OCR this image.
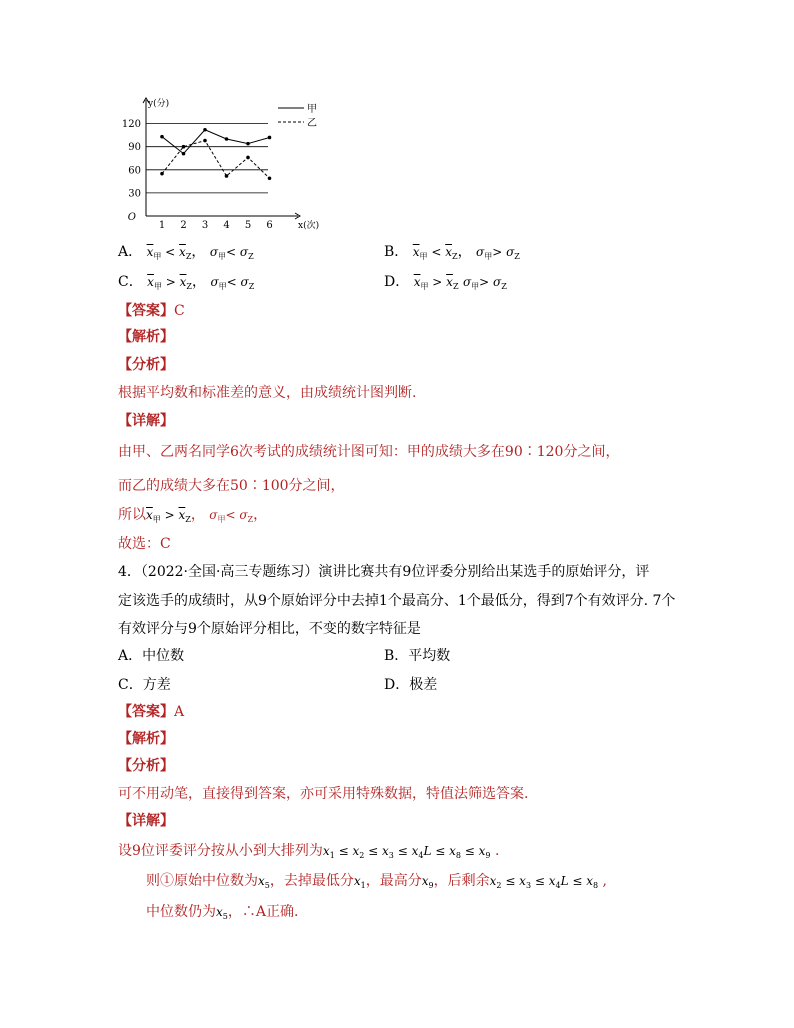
30
60
90
120
1 2 3 4 5 6
O
y(分)
x(次)
甲
乙
A． $\overline{x}_甲 < \overline{x}_Z$， $\sigma_甲< \sigma_Z$	B． $\overline{x}_甲 < \overline{x}_Z$， $\sigma_甲> \sigma_Z$
C． $\overline{x}_甲 > \overline{x}_Z$， $\sigma_甲< \sigma_Z$	D． $\overline{x}_甲 > \overline{x}_Z$ $\sigma_甲> \sigma_Z$
【答案】C
【解析】
【分析】
根据平均数和标准差的意义，由成绩统计图判断.
【详解】
由甲、乙两名同学6次考试的成绩统计图可知：甲的成绩大多在90∶120分之间，
而乙的成绩大多在50∶100分之间，
所以$\overline{x}_甲 > \overline{x}_Z$， $\sigma_甲< \sigma_Z$，
故选：C
4．（2022·全国·高三专题练习）演讲比赛共有9位评委分别给出某选手的原始评分，评
定该选手的成绩时，从9个原始评分中去掉1个最高分、1个最低分，得到7个有效评分. 7个
有效评分与9个原始评分相比，不变的数字特征是
A．中位数	B．平均数
C．方差	D．极差
【答案】A
【解析】
【分析】
可不用动笔，直接得到答案，亦可采用特殊数据，特值法筛选答案.
【详解】
设9位评委评分按从小到大排列为$x_1 \le x_2 \le x_3 \le x_4L \le x_8 \le x_9$ .
则①原始中位数为$x_5$，去掉最低分$x_1$，最高分$x_9$，后剩余$x_2 \le x_3 \le x_4L \le x_8$ ,
中位数仍为$x_5$，∴A正确.
